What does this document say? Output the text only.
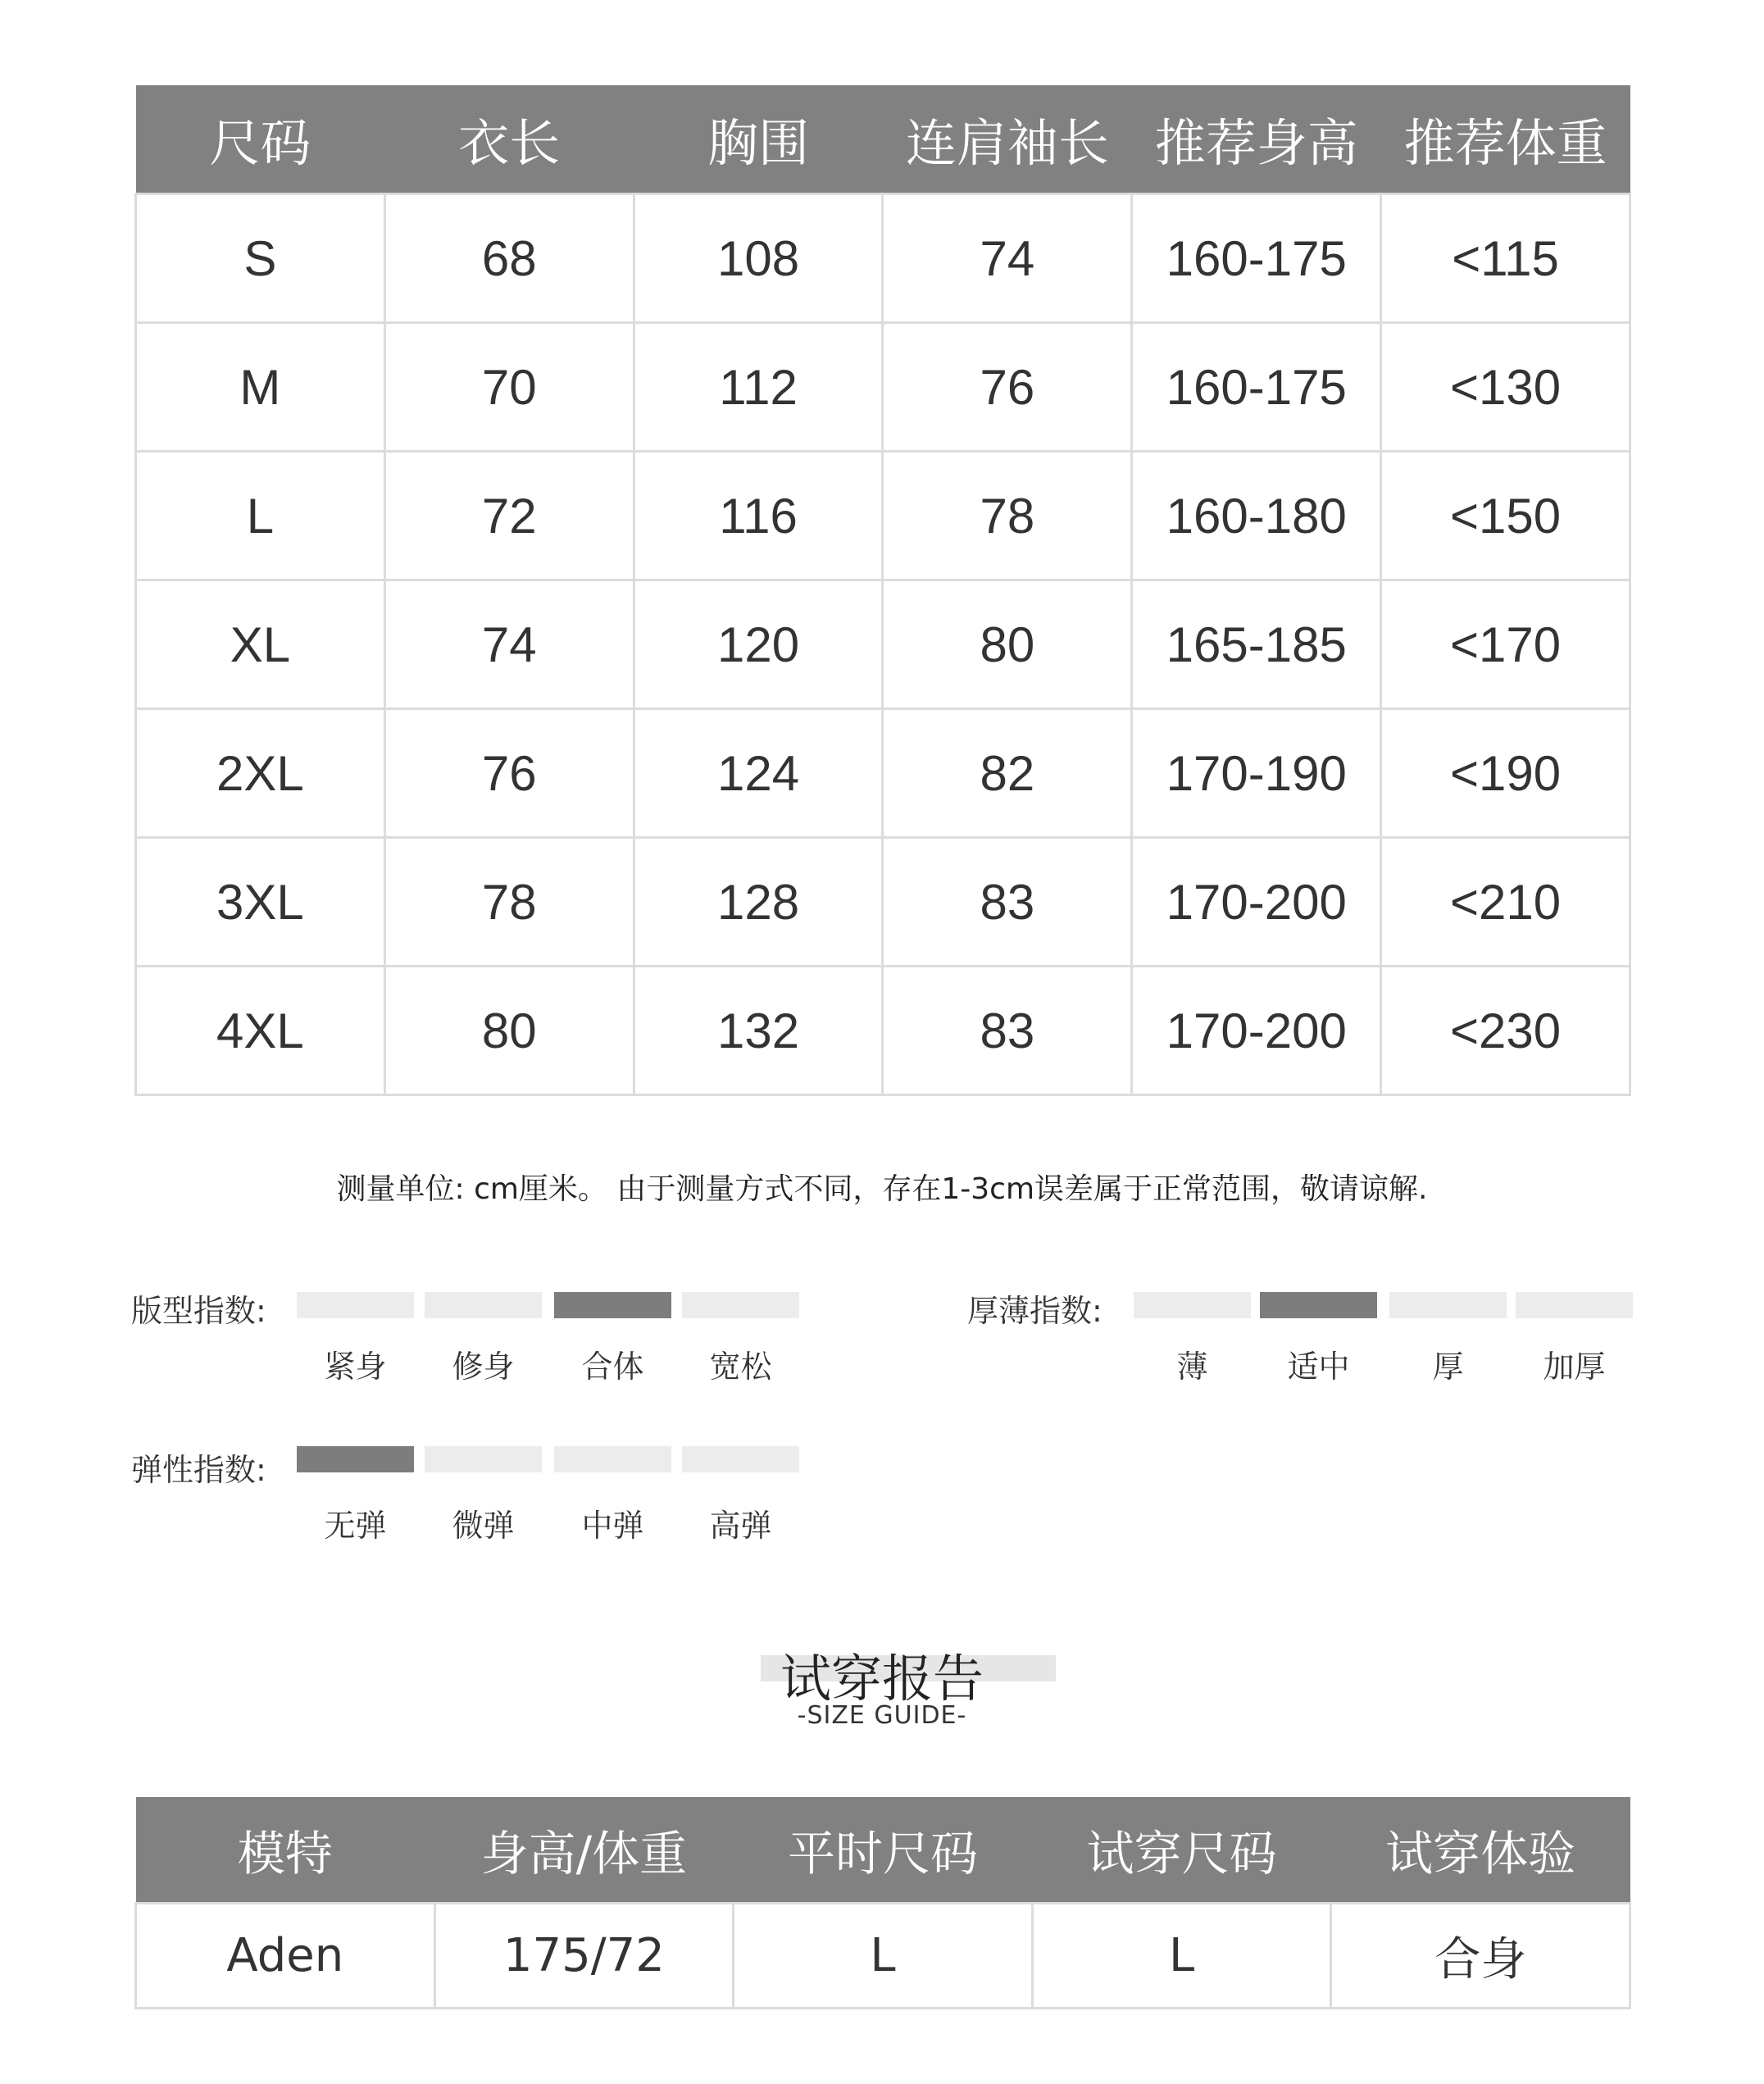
尺码	衣长	胸围	连肩袖长	推荐身高	推荐体重
S	68	108	74	160-175	<115
M	70	112	76	160-175	<130
L	72	116	78	160-180	<150
XL	74	120	80	165-185	<170
2XL	76	124	82	170-190	<190
3XL	78	128	83	170-200	<210
4XL	80	132	83	170-200	<230
测量单位: cm厘米。 由于测量方式不同，存在1-3cm误差属于正常范围，敬请谅解.
版型指数:
紧身	修身	合体	宽松
厚薄指数:
薄	适中	厚	加厚
弹性指数:
无弹	微弹	中弹	高弹
试穿报告
-SIZE GUIDE-
模特	身高/体重	平时尺码	试穿尺码	试穿体验
Aden	175/72	L	L	合身
